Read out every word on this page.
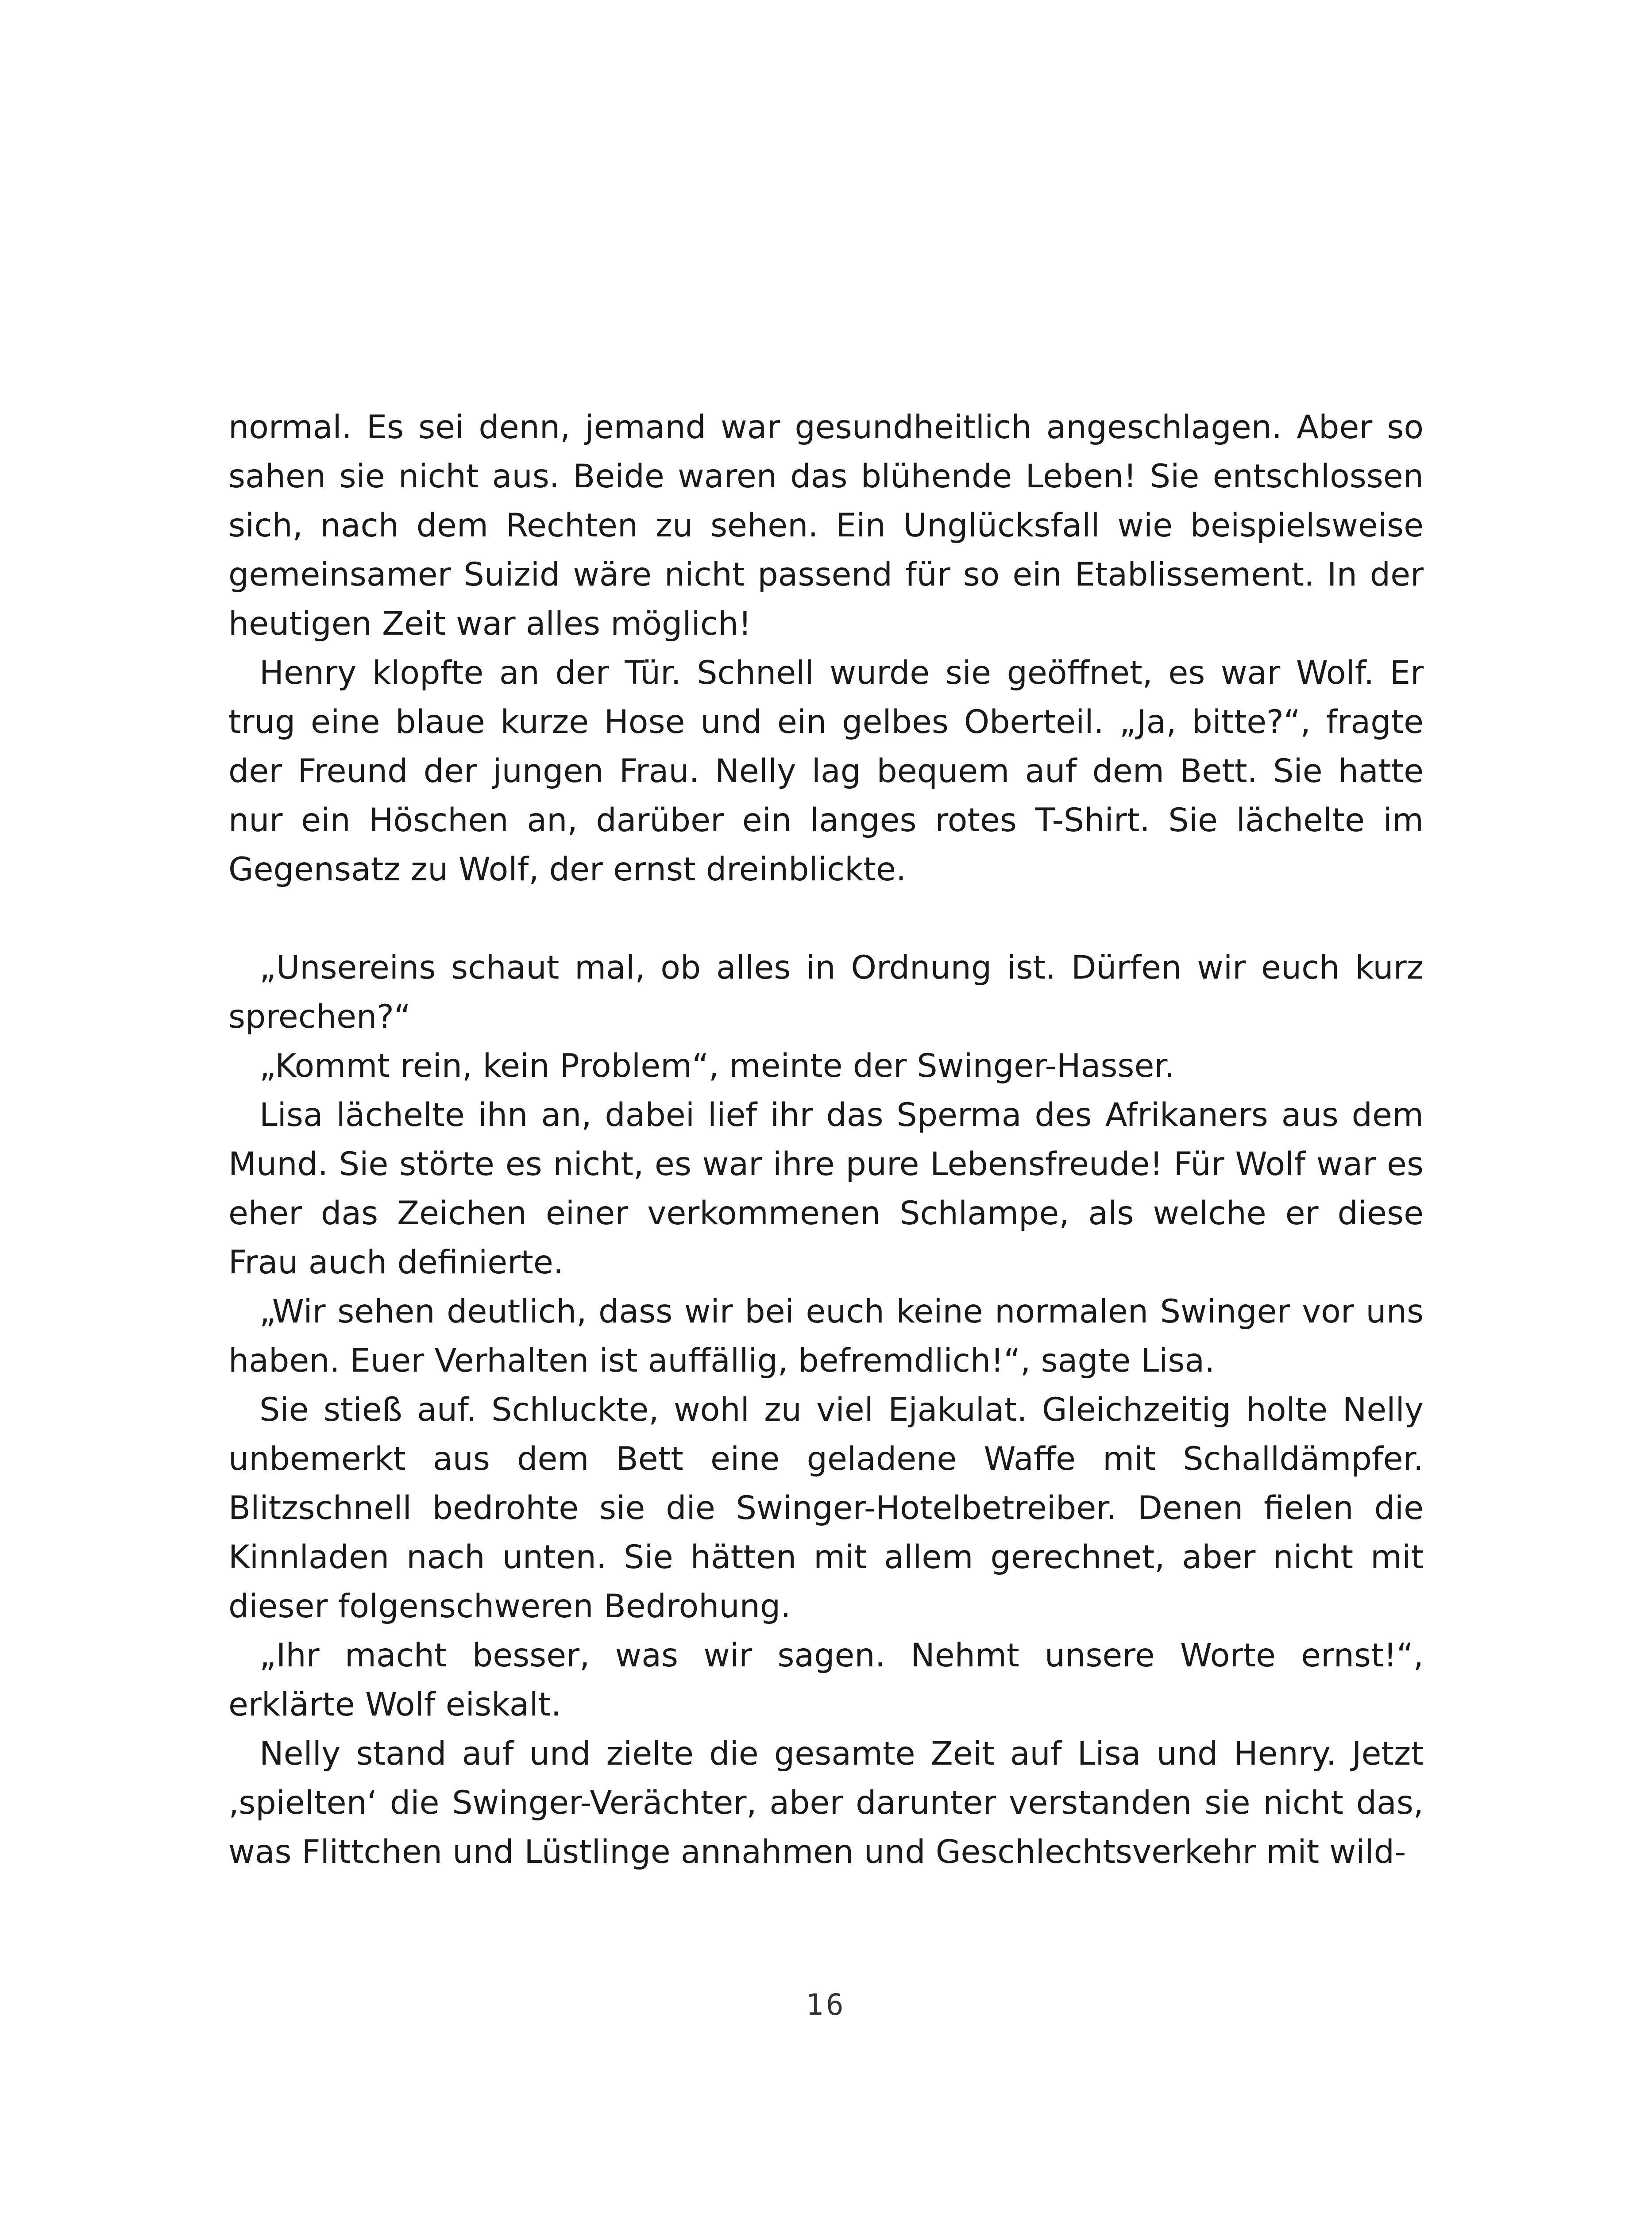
normal. Es sei denn, jemand war gesundheitlich angeschlagen. Aber so sahen sie nicht aus. Beide waren das blühende Leben! Sie entschlossen sich, nach dem Rechten zu sehen. Ein Unglücksfall wie beispielsweise gemeinsamer Suizid wäre nicht passend für so ein Etablissement. In der heutigen Zeit war alles möglich!

Henry klopfte an der Tür. Schnell wurde sie geöffnet, es war Wolf. Er trug eine blaue kurze Hose und ein gelbes Oberteil. „Ja, bitte?“, fragte der Freund der jungen Frau. Nelly lag bequem auf dem Bett. Sie hatte nur ein Höschen an, darüber ein langes rotes T-Shirt. Sie lächelte im Gegensatz zu Wolf, der ernst dreinblickte.

„Unsereins schaut mal, ob alles in Ordnung ist. Dürfen wir euch kurz sprechen?“

„Kommt rein, kein Problem“, meinte der Swinger-Hasser.

Lisa lächelte ihn an, dabei lief ihr das Sperma des Afrikaners aus dem Mund. Sie störte es nicht, es war ihre pure Lebensfreude! Für Wolf war es eher das Zeichen einer verkommenen Schlampe, als welche er diese Frau auch definierte.

„Wir sehen deutlich, dass wir bei euch keine normalen Swinger vor uns haben. Euer Verhalten ist auffällig, befremdlich!“, sagte Lisa.

Sie stieß auf. Schluckte, wohl zu viel Ejakulat. Gleichzeitig holte Nelly unbemerkt aus dem Bett eine geladene Waffe mit Schalldämpfer. Blitzschnell bedrohte sie die Swinger-Hotelbetreiber. Denen fielen die Kinnladen nach unten. Sie hätten mit allem gerechnet, aber nicht mit dieser folgenschweren Bedrohung.

„Ihr macht besser, was wir sagen. Nehmt unsere Worte ernst!“, erklärte Wolf eiskalt.

Nelly stand auf und zielte die gesamte Zeit auf Lisa und Henry. Jetzt ‚spielten‘ die Swinger-Verächter, aber darunter verstanden sie nicht das, was Flittchen und Lüstlinge annahmen und Geschlechtsverkehr mit wild-

16
